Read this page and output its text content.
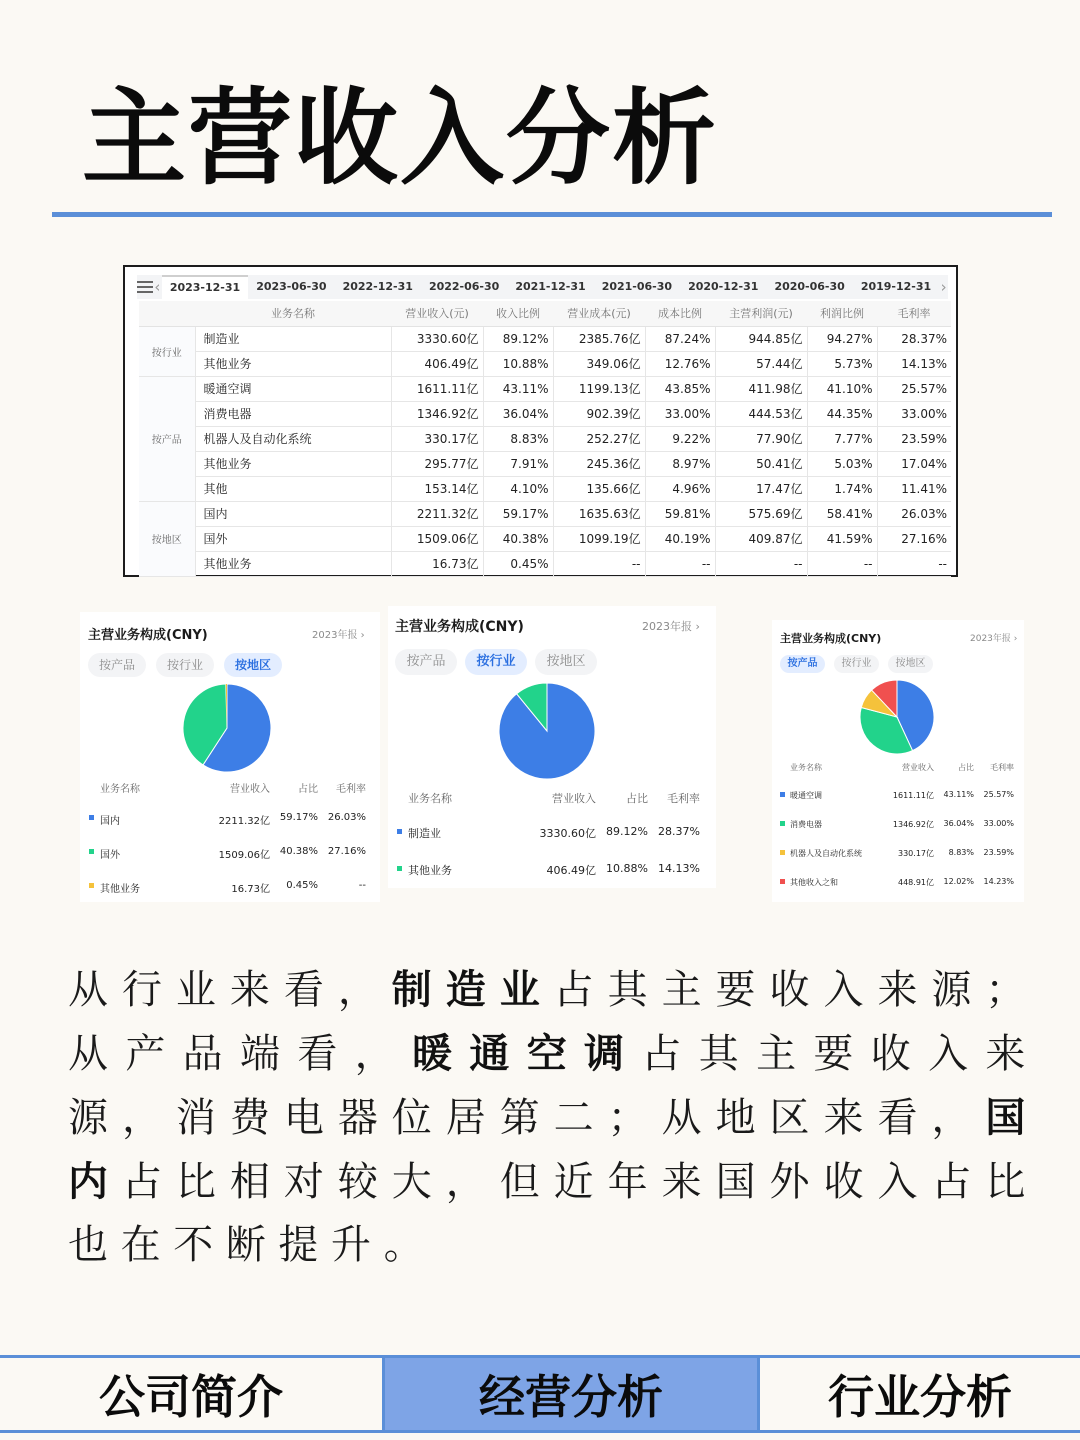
主营收入分析
‹ 2023-12-31	2023-06-30	2022-12-31	2022-06-30	2021-12-31	2021-06-30	2020-12-31	2020-06-30	2019-12-31 ›
	业务名称	营业收入(元)	收入比例	营业成本(元)	成本比例	主营利润(元)	利润比例	毛利率
按行业	制造业	3330.60亿	89.12%	2385.76亿	87.24%	944.85亿	94.27%	28.37%
	其他业务	406.49亿	10.88%	349.06亿	12.76%	57.44亿	5.73%	14.13%
按产品	暖通空调	1611.11亿	43.11%	1199.13亿	43.85%	411.98亿	41.10%	25.57%
	消费电器	1346.92亿	36.04%	902.39亿	33.00%	444.53亿	44.35%	33.00%
	机器人及自动化系统	330.17亿	8.83%	252.27亿	9.22%	77.90亿	7.77%	23.59%
	其他业务	295.77亿	7.91%	245.36亿	8.97%	50.41亿	5.03%	17.04%
	其他	153.14亿	4.10%	135.66亿	4.96%	17.47亿	1.74%	11.41%
按地区	国内	2211.32亿	59.17%	1635.63亿	59.81%	575.69亿	58.41%	26.03%
	国外	1509.06亿	40.38%	1099.19亿	40.19%	409.87亿	41.59%	27.16%
	其他业务	16.73亿	0.45%	--	--	--	--	--
主营业务构成(CNY)	2023年报 ›
按产品	按行业	按地区
业务名称	营业收入	占比 毛利率
国内	2211.32亿 59.17% 26.03%
国外	1509.06亿 40.38% 27.16%
其他业务	16.73亿 0.45%	--
主营业务构成(CNY)	2023年报 ›
按产品	按行业	按地区
业务名称	营业收入	占比 毛利率
制造业	3330.60亿 89.12% 28.37%
其他业务	406.49亿 10.88% 14.13%
主营业务构成(CNY)	2023年报 ›
按产品	按行业	按地区
业务名称	营业收入	占比 毛利率
暖通空调	1611.11亿 43.11% 25.57%
消费电器	1346.92亿 36.04% 33.00%
机器人及自动化系统	330.17亿 8.83% 23.59%
其他收入之和	448.91亿 12.02% 14.23%
从行业来看，制造业占其主要收入来源；从产品端看，暖通空调占其主要收入来源，消费电器位居第二；从地区来看，国内占比相对较大，但近年来国外收入占比也在不断提升。
公司简介	经营分析	行业分析
